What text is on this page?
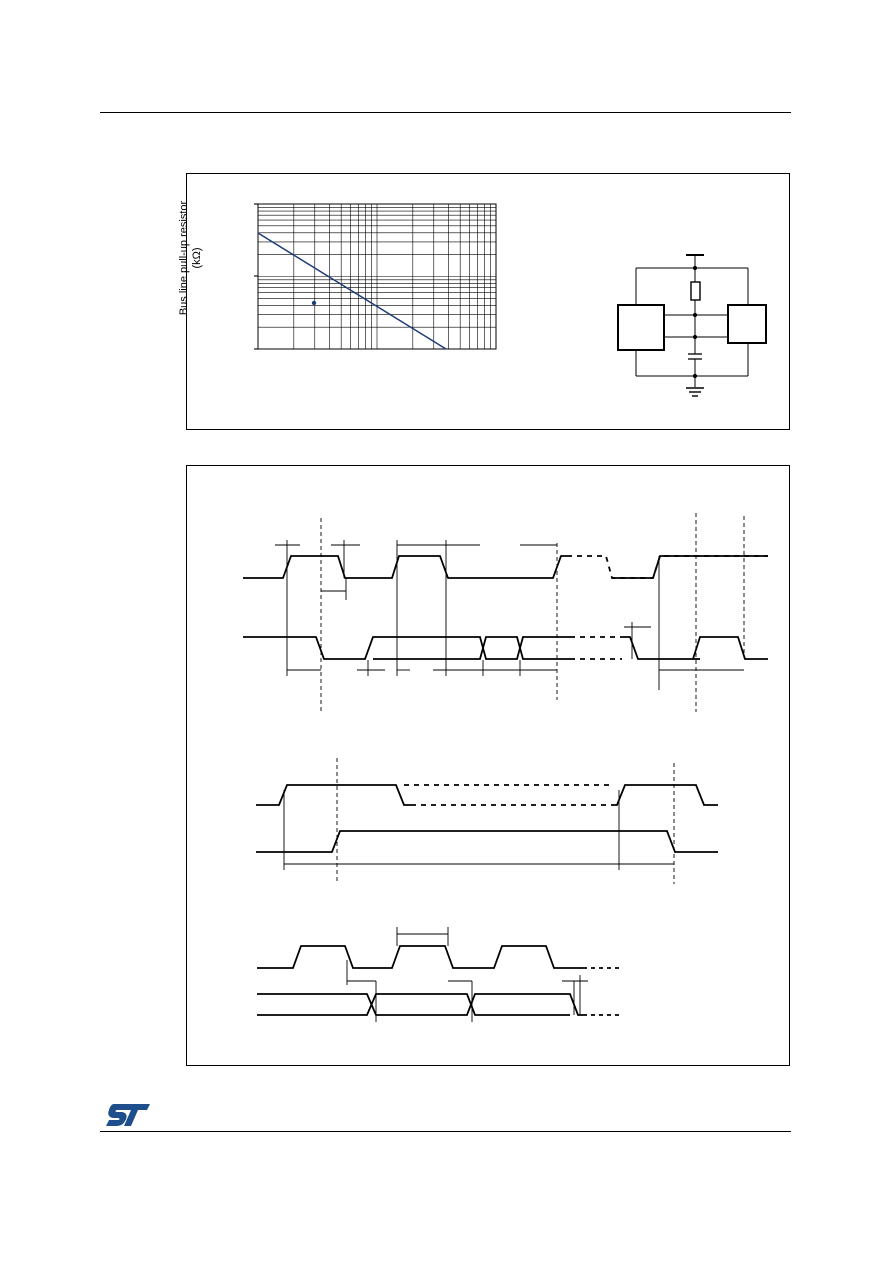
Bus line pull-up resistor (kΩ)
